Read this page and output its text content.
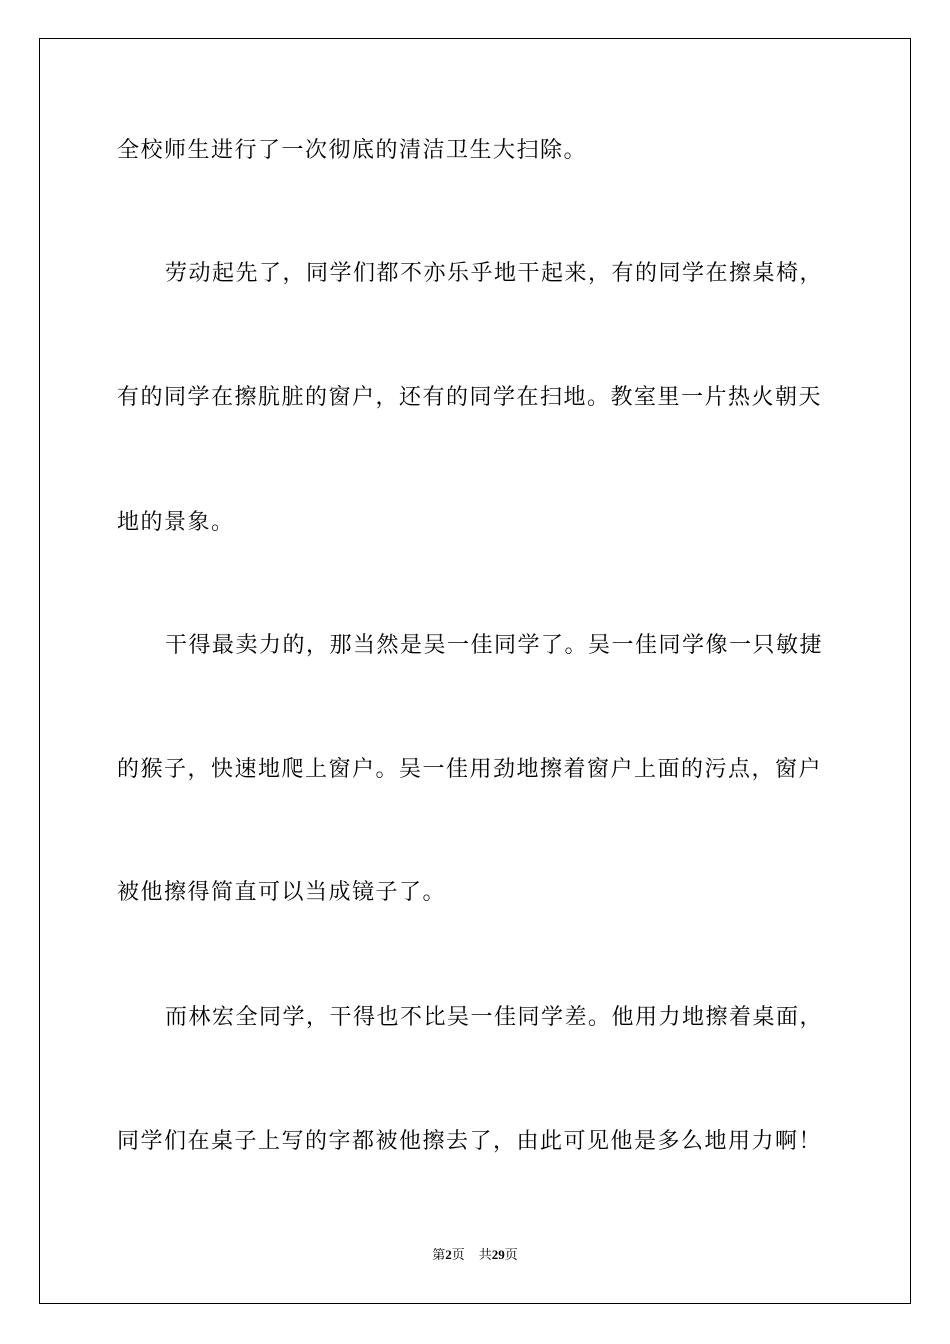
全校师生进行了一次彻底的清洁卫生大扫除。

劳动起先了，同学们都不亦乐乎地干起来，有的同学在擦桌椅，

有的同学在擦肮脏的窗户，还有的同学在扫地。教室里一片热火朝天

地的景象。

干得最卖力的，那当然是吴一佳同学了。吴一佳同学像一只敏捷

的猴子，快速地爬上窗户。吴一佳用劲地擦着窗户上面的污点，窗户

被他擦得简直可以当成镜子了。

而林宏全同学，干得也不比吴一佳同学差。他用力地擦着桌面，

同学们在桌子上写的字都被他擦去了，由此可见他是多么地用力啊！

第2页 共29页
